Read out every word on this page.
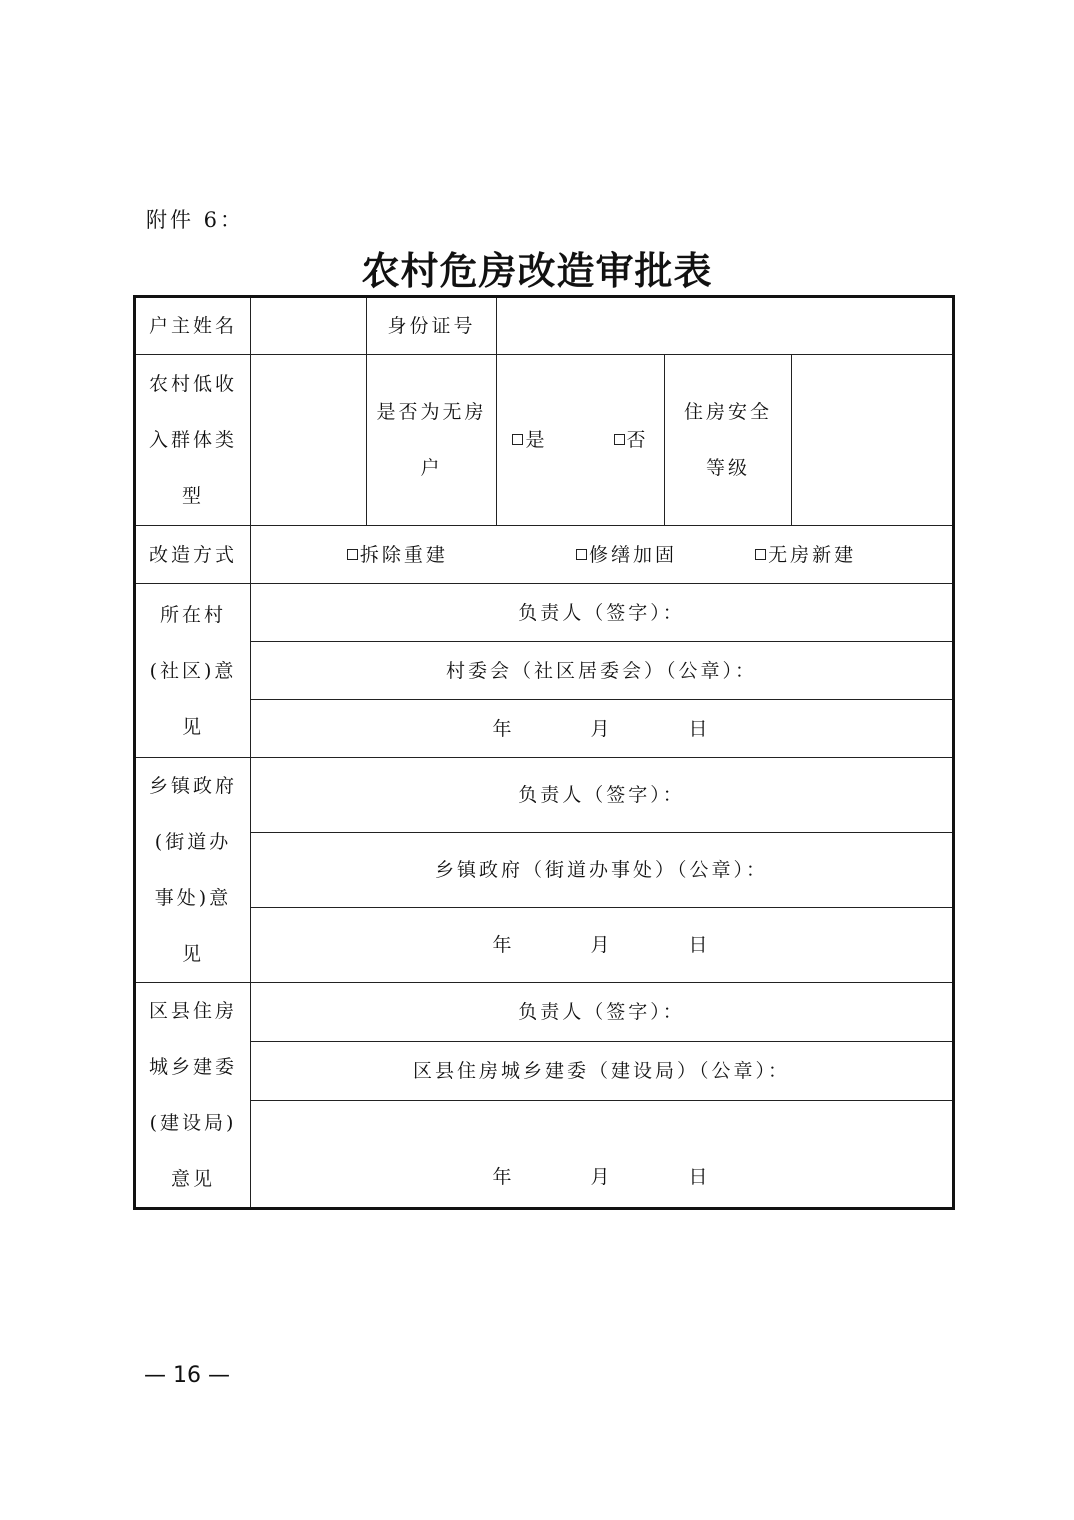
附件 6：
农村危房改造审批表
户主姓名		身份证号			
农村低收入群体类型		是否为无房户	是 否	住房安全等级	
改造方式	拆除重建 修缮加固 无房新建				
所在村(社区)意见	负责人（签字）：				
	村委会（社区居委会）（公章）：				
	年 月 日				
乡镇政府(街道办事处)意见	负责人（签字）：				
	乡镇政府（街道办事处）（公章）：				
	年 月 日				
区县住房城乡建委(建设局)意见	负责人（签字）：				
	区县住房城乡建委（建设局）（公章）：				
	年 月 日				
— 16 —
